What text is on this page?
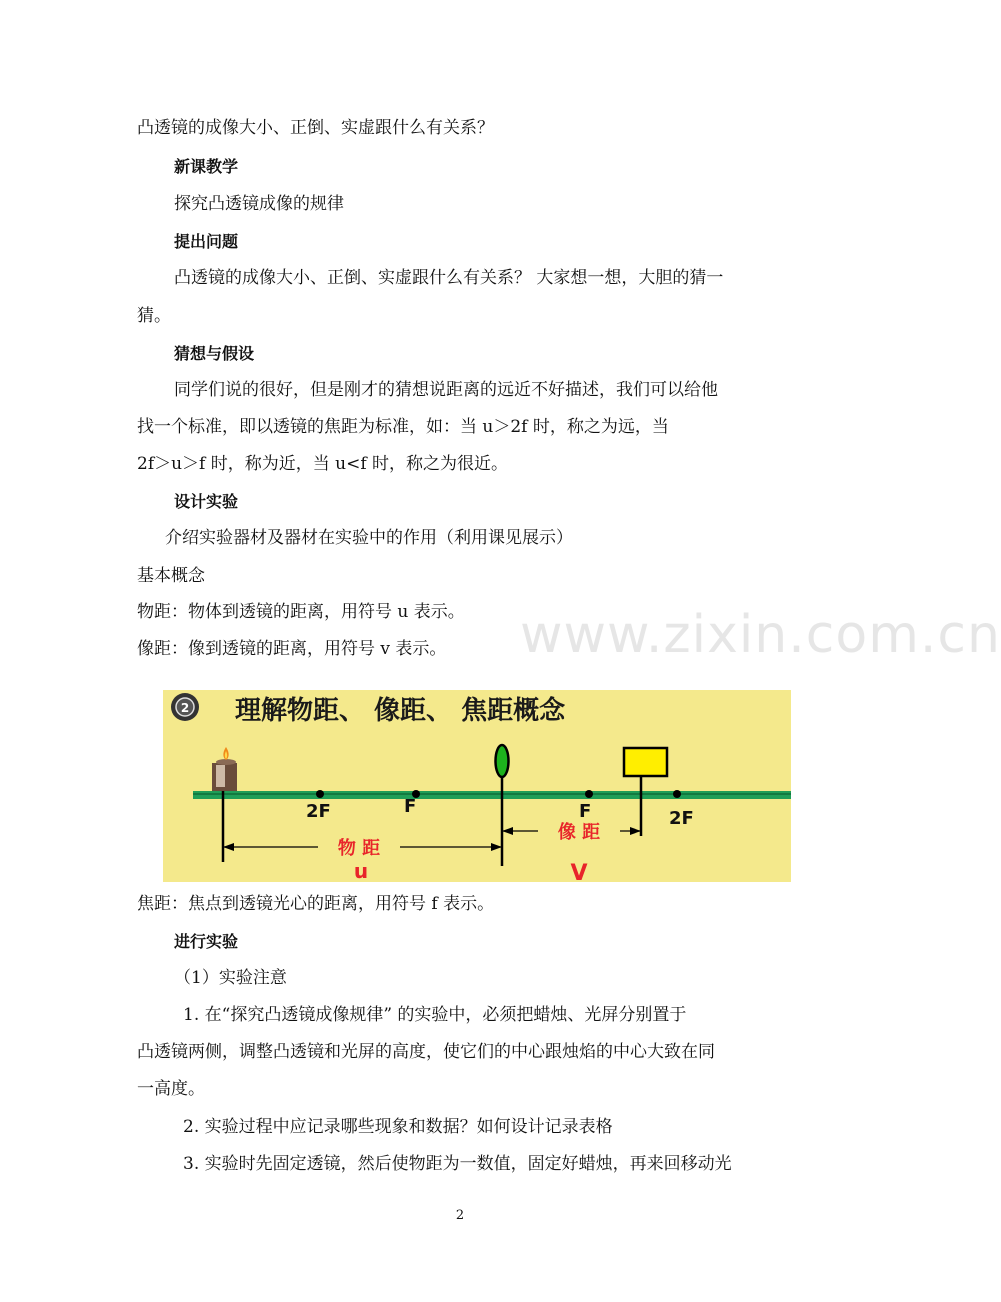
凸透镜的成像大小、正倒、实虚跟什么有关系？
新课教学
探究凸透镜成像的规律
提出问题
凸透镜的成像大小、正倒、实虚跟什么有关系？ 大家想一想，大胆的猜一
猜。
猜想与假设
同学们说的很好，但是刚才的猜想说距离的远近不好描述，我们可以给他
找一个标准，即以透镜的焦距为标准，如：当 u＞2f 时，称之为远，当
2f＞u＞f 时，称为近，当 u<f 时，称之为很近。
设计实验
介绍实验器材及器材在实验中的作用（利用课见展示）
基本概念
物距：物体到透镜的距离，用符号 u 表示。
像距：像到透镜的距离，用符号 v 表示。 www.zixin.com.cn
2 理解物距、 像距、 焦距概念
2F	F	F	2F
物 距
u
像 距
V
焦距：焦点到透镜光心的距离，用符号 f 表示。
进行实验
（1）实验注意
1. 在“探究凸透镜成像规律” 的实验中，必须把蜡烛、光屏分别置于
凸透镜两侧，调整凸透镜和光屏的高度，使它们的中心跟烛焰的中心大致在同
一高度。
2. 实验过程中应记录哪些现象和数据？如何设计记录表格
3. 实验时先固定透镜，然后使物距为一数值，固定好蜡烛，再来回移动光
2
